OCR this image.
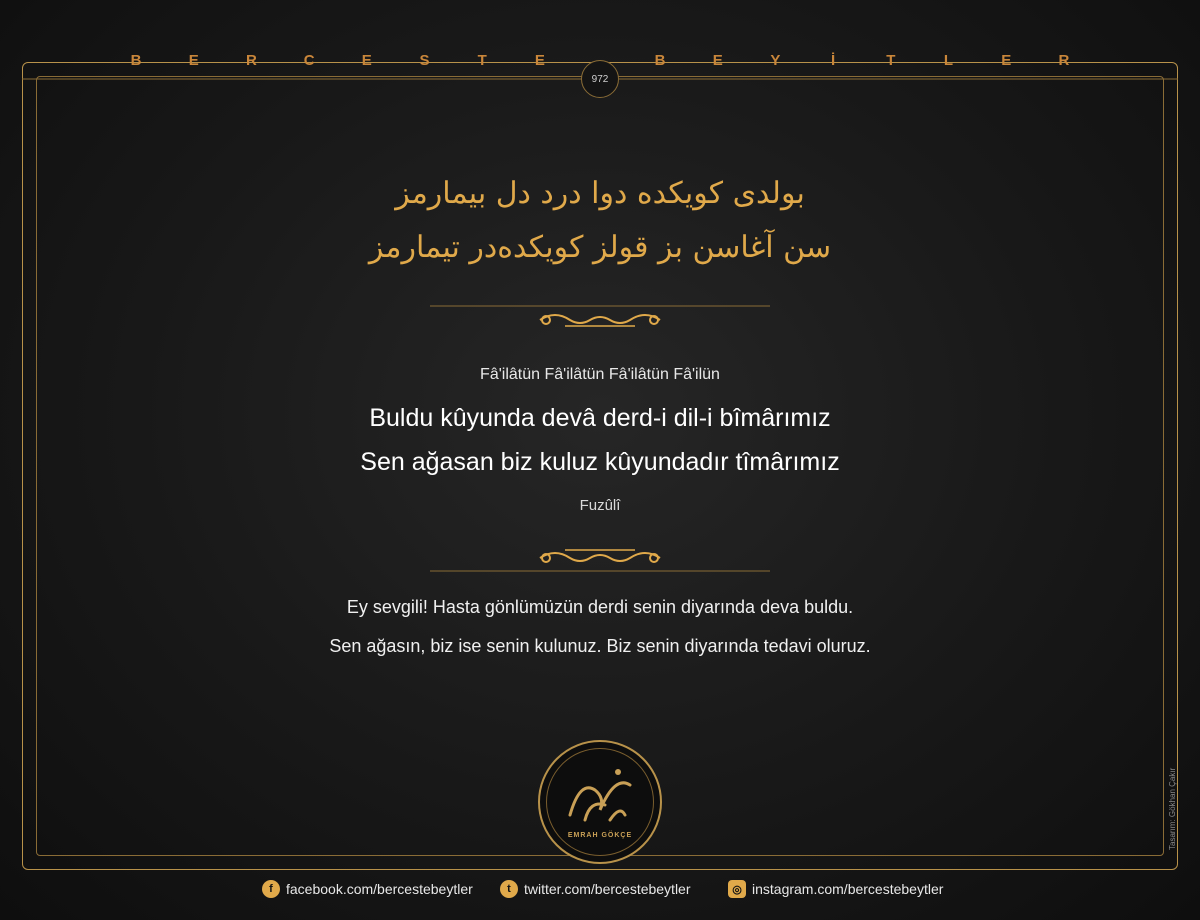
B	E	R	C	E	S	T	E	B	E	Y	İ	T	L	E	R
972
بولدی کویکده دوا درد دل بیمارمز
سن آغاسن بز قولز کویکده‌در تیمارمز
Fâ'ilâtün Fâ'ilâtün Fâ'ilâtün Fâ'ilün
Buldu kûyunda devâ derd-i dil-i bîmârımız
Sen ağasan biz kuluz kûyundadır tîmârımız
Fuzûlî
Ey sevgili! Hasta gönlümüzün derdi senin diyarında deva buldu.
Sen ağasın, biz ise senin kulunuz. Biz senin diyarında tedavi oluruz.
EMRAH GÖKÇE
f facebook.com/bercestebeytler	t twitter.com/bercestebeytler	◎ instagram.com/bercestebeytler
Tasarım: Gökhan Çakır
